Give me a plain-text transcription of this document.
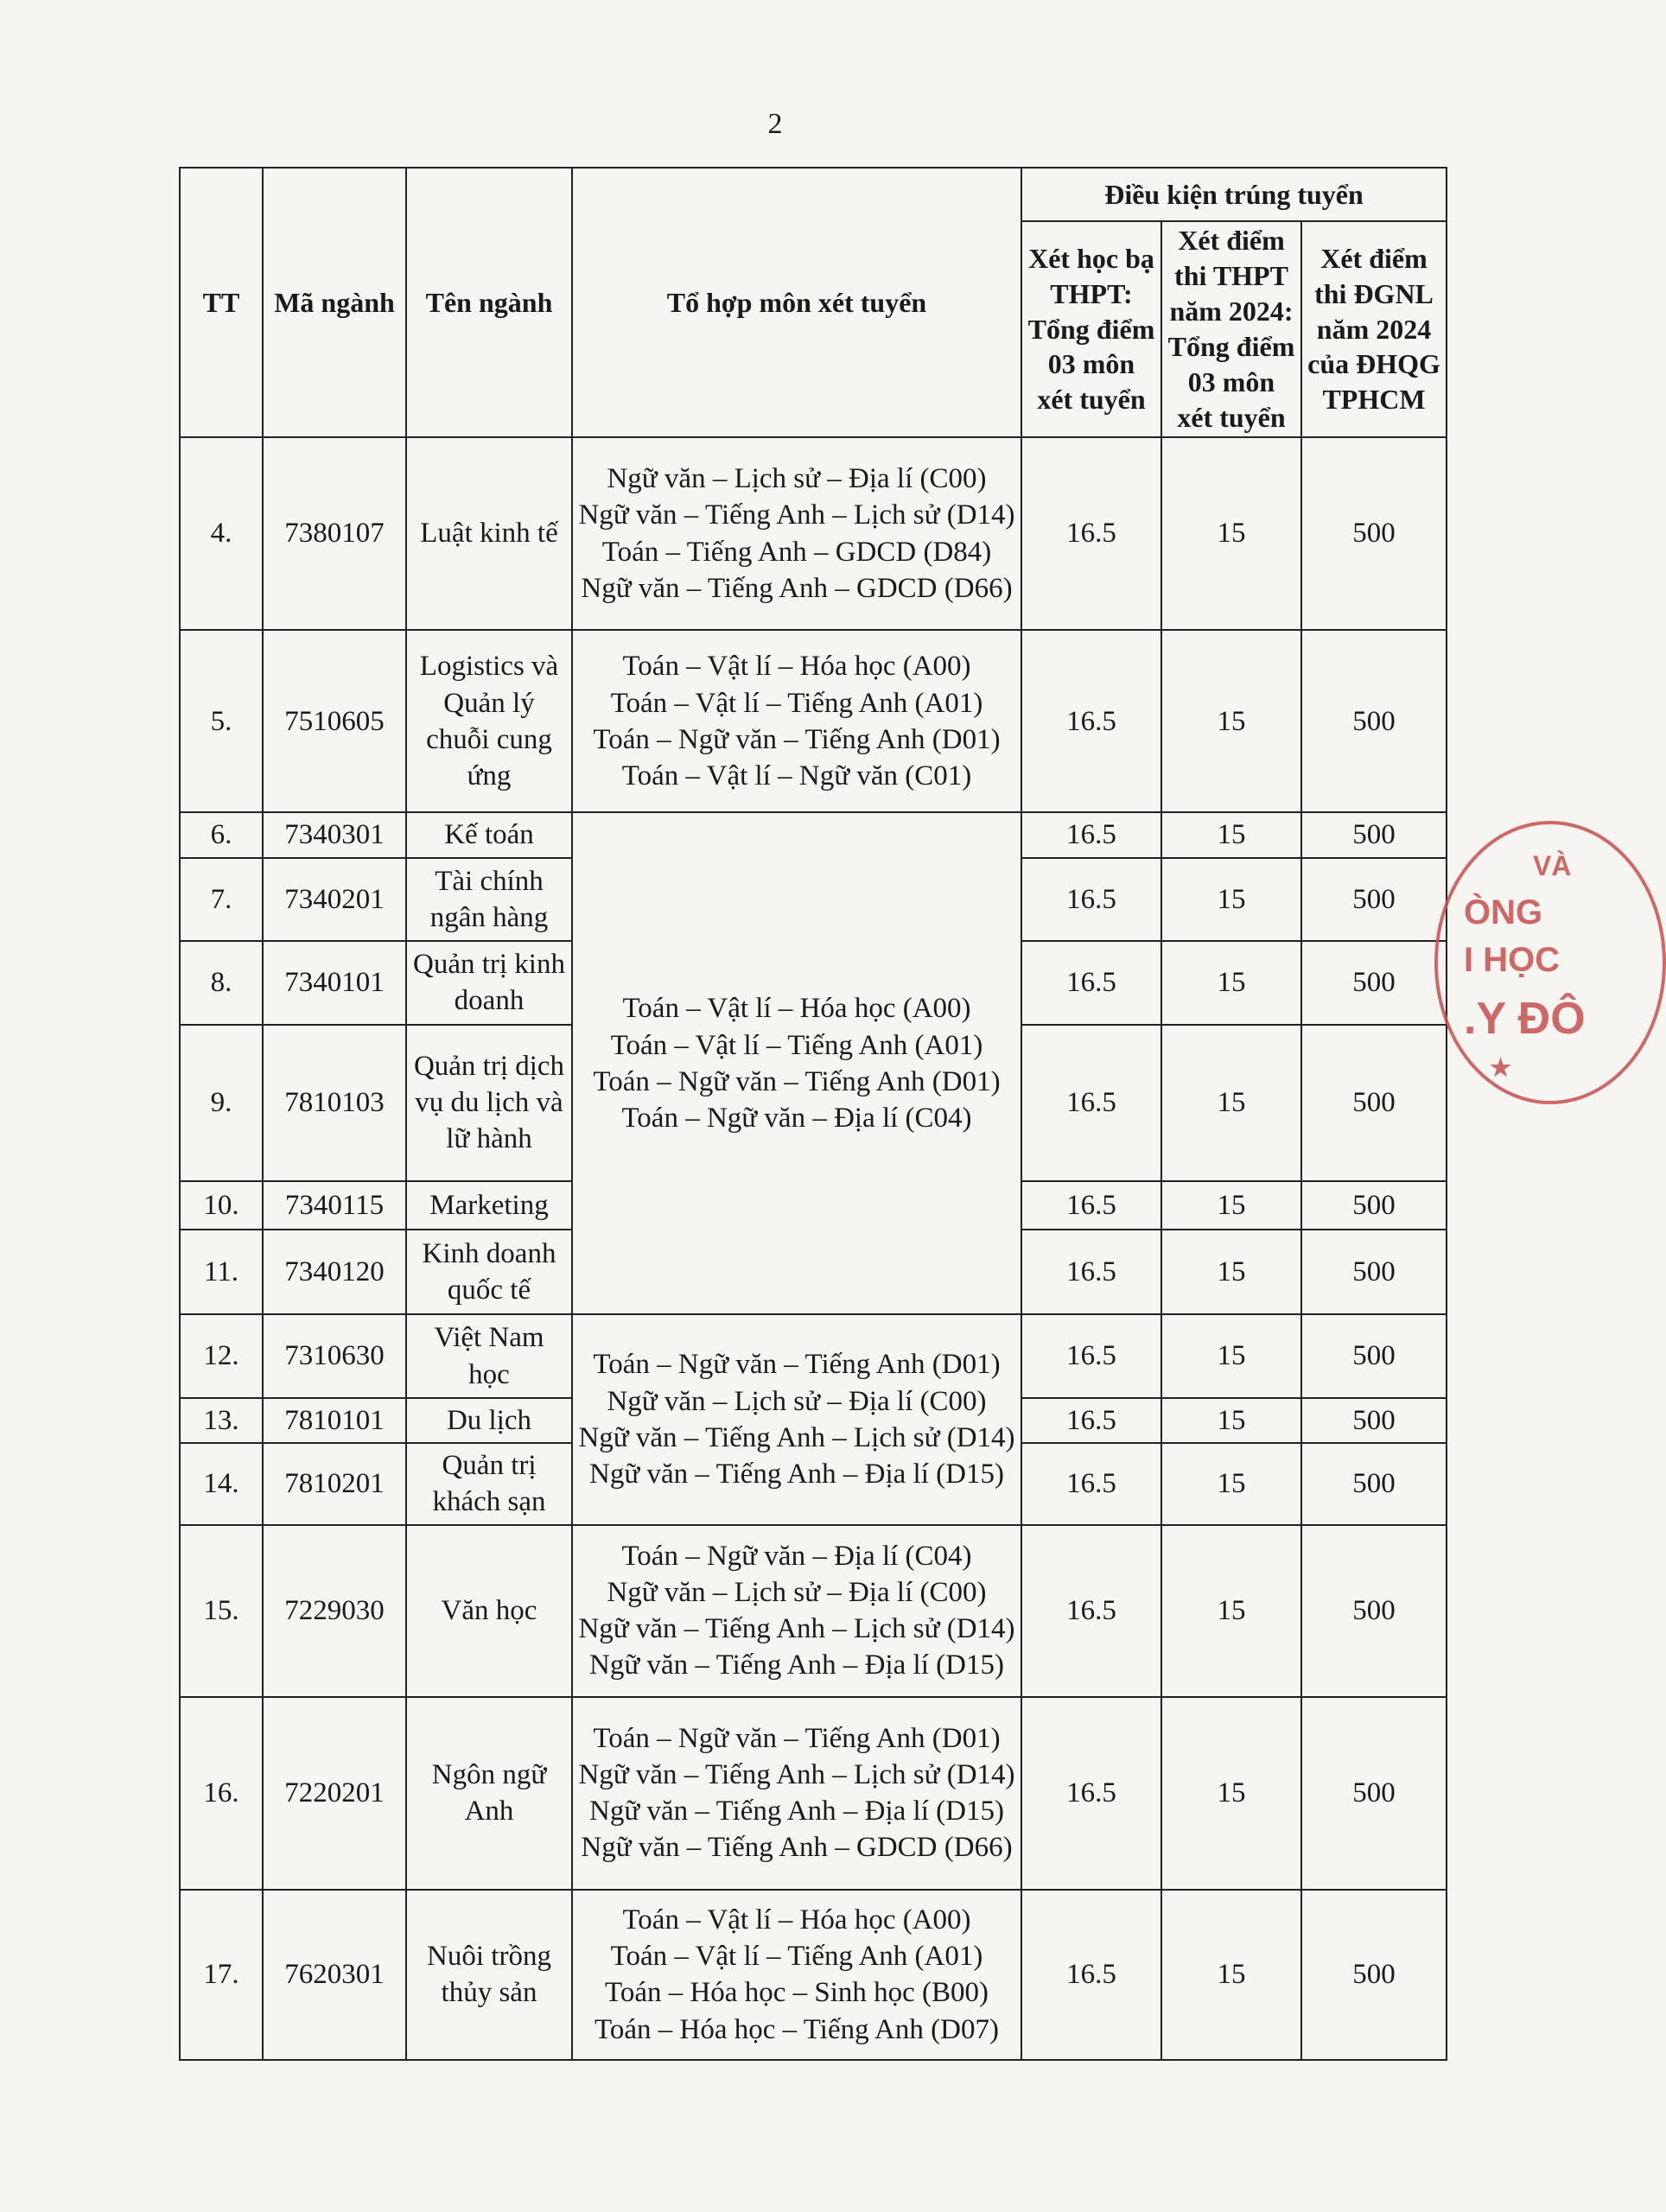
2
TT	Mã ngành	Tên ngành	Tổ hợp môn xét tuyển	Điều kiện trúng tuyển		
				Xét học bạ THPT: Tổng điểm 03 môn xét tuyển	Xét điểm thi THPT năm 2024: Tổng điểm 03 môn xét tuyển	Xét điểm thi ĐGNL năm 2024 của ĐHQG TPHCM
4.	7380107	Luật kinh tế	Ngữ văn – Lịch sử – Địa lí (C00)
Ngữ văn – Tiếng Anh – Lịch sử (D14)
Toán – Tiếng Anh – GDCD (D84)
Ngữ văn – Tiếng Anh – GDCD (D66)	16.5	15	500
5.	7510605	Logistics và Quản lý chuỗi cung ứng	Toán – Vật lí – Hóa học (A00)
Toán – Vật lí – Tiếng Anh (A01)
Toán – Ngữ văn – Tiếng Anh (D01)
Toán – Vật lí – Ngữ văn (C01)	16.5	15	500
6.	7340301	Kế toán	Toán – Vật lí – Hóa học (A00)
Toán – Vật lí – Tiếng Anh (A01)
Toán – Ngữ văn – Tiếng Anh (D01)
Toán – Ngữ văn – Địa lí (C04)	16.5	15	500
7.	7340201	Tài chính ngân hàng		16.5	15	500
8.	7340101	Quản trị kinh doanh		16.5	15	500
9.	7810103	Quản trị dịch vụ du lịch và lữ hành		16.5	15	500
10.	7340115	Marketing		16.5	15	500
11.	7340120	Kinh doanh quốc tế		16.5	15	500
12.	7310630	Việt Nam học	Toán – Ngữ văn – Tiếng Anh (D01)
Ngữ văn – Lịch sử – Địa lí (C00)
Ngữ văn – Tiếng Anh – Lịch sử (D14)
Ngữ văn – Tiếng Anh – Địa lí (D15)	16.5	15	500
13.	7810101	Du lịch		16.5	15	500
14.	7810201	Quản trị khách sạn		16.5	15	500
15.	7229030	Văn học	Toán – Ngữ văn – Địa lí (C04)
Ngữ văn – Lịch sử – Địa lí (C00)
Ngữ văn – Tiếng Anh – Lịch sử (D14)
Ngữ văn – Tiếng Anh – Địa lí (D15)	16.5	15	500
16.	7220201	Ngôn ngữ Anh	Toán – Ngữ văn – Tiếng Anh (D01)
Ngữ văn – Tiếng Anh – Lịch sử (D14)
Ngữ văn – Tiếng Anh – Địa lí (D15)
Ngữ văn – Tiếng Anh – GDCD (D66)	16.5	15	500
17.	7620301	Nuôi trồng thủy sản	Toán – Vật lí – Hóa học (A00)
Toán – Vật lí – Tiếng Anh (A01)
Toán – Hóa học – Sinh học (B00)
Toán – Hóa học – Tiếng Anh (D07)	16.5	15	500
VÀ
ÒNG
I HỌC
.Y ĐÔ
★
